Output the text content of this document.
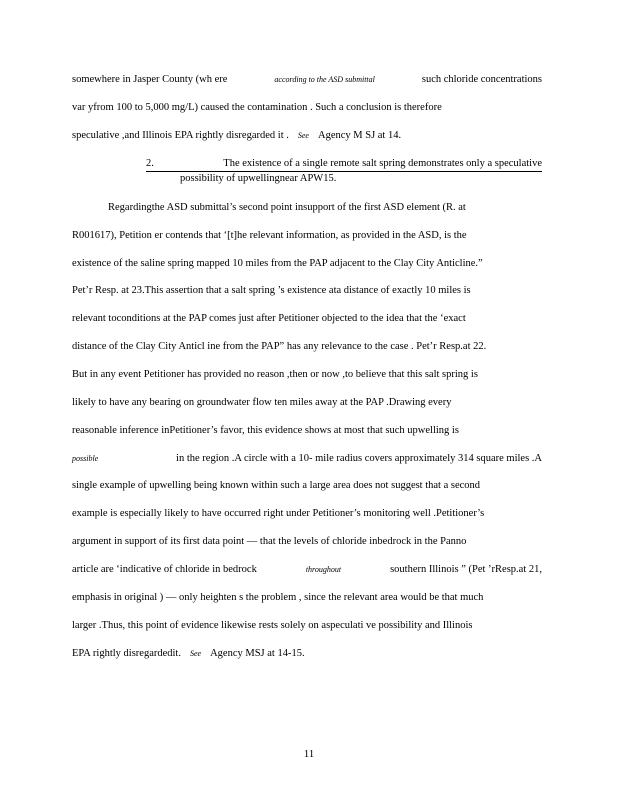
somewhere in Jasper County (wh ere	according to the ASD submittal	such chloride concentrations
var yfrom 100 to 5,000 mg/L) caused the contamination . Such a conclusion is therefore
speculative ,and Illinois EPA rightly disregarded it . See Agency M SJ at 14.
2.	The existence of a single remote salt spring demonstrates only a speculative
possibility of upwellingnear APW15.
Regardingthe ASD submittal’s second point insupport of the first ASD element (R. at
R001617), Petition er contends that ‘[t]he relevant information, as provided in the ASD, is the
existence of the saline spring mapped 10 miles from the PAP adjacent to the Clay City Anticline.”
Pet’r Resp. at 23.This assertion that a salt spring ’s existence ata distance of exactly 10 miles is
relevant toconditions at the PAP comes just after Petitioner objected to the idea that the ‘exact
distance of the Clay City Anticl ine from the PAP” has any relevance to the case . Pet’r Resp.at 22.
But in any event Petitioner has provided no reason ,then or now ,to believe that this salt spring is
likely to have any bearing on groundwater flow ten miles away at the PAP .Drawing every
reasonable inference inPetitioner’s favor, this evidence shows at most that such upwelling is
possible	in the region .A circle with a 10- mile radius covers approximately 314 square miles .A
single example of upwelling being known within such a large area does not suggest that a second
example is especially likely to have occurred right under Petitioner’s monitoring well .Petitioner’s
argument in support of its first data point — that the levels of chloride inbedrock in the Panno
article are ‘indicative of chloride in bedrock	throughout	southern Illinois ” (Pet ’rResp.at 21,
emphasis in original ) — only heighten s the problem , since the relevant area would be that much
larger .Thus, this point of evidence likewise rests solely on aspeculati ve possibility and Illinois
EPA rightly disregardedit. See Agency MSJ at 14-15.
11
